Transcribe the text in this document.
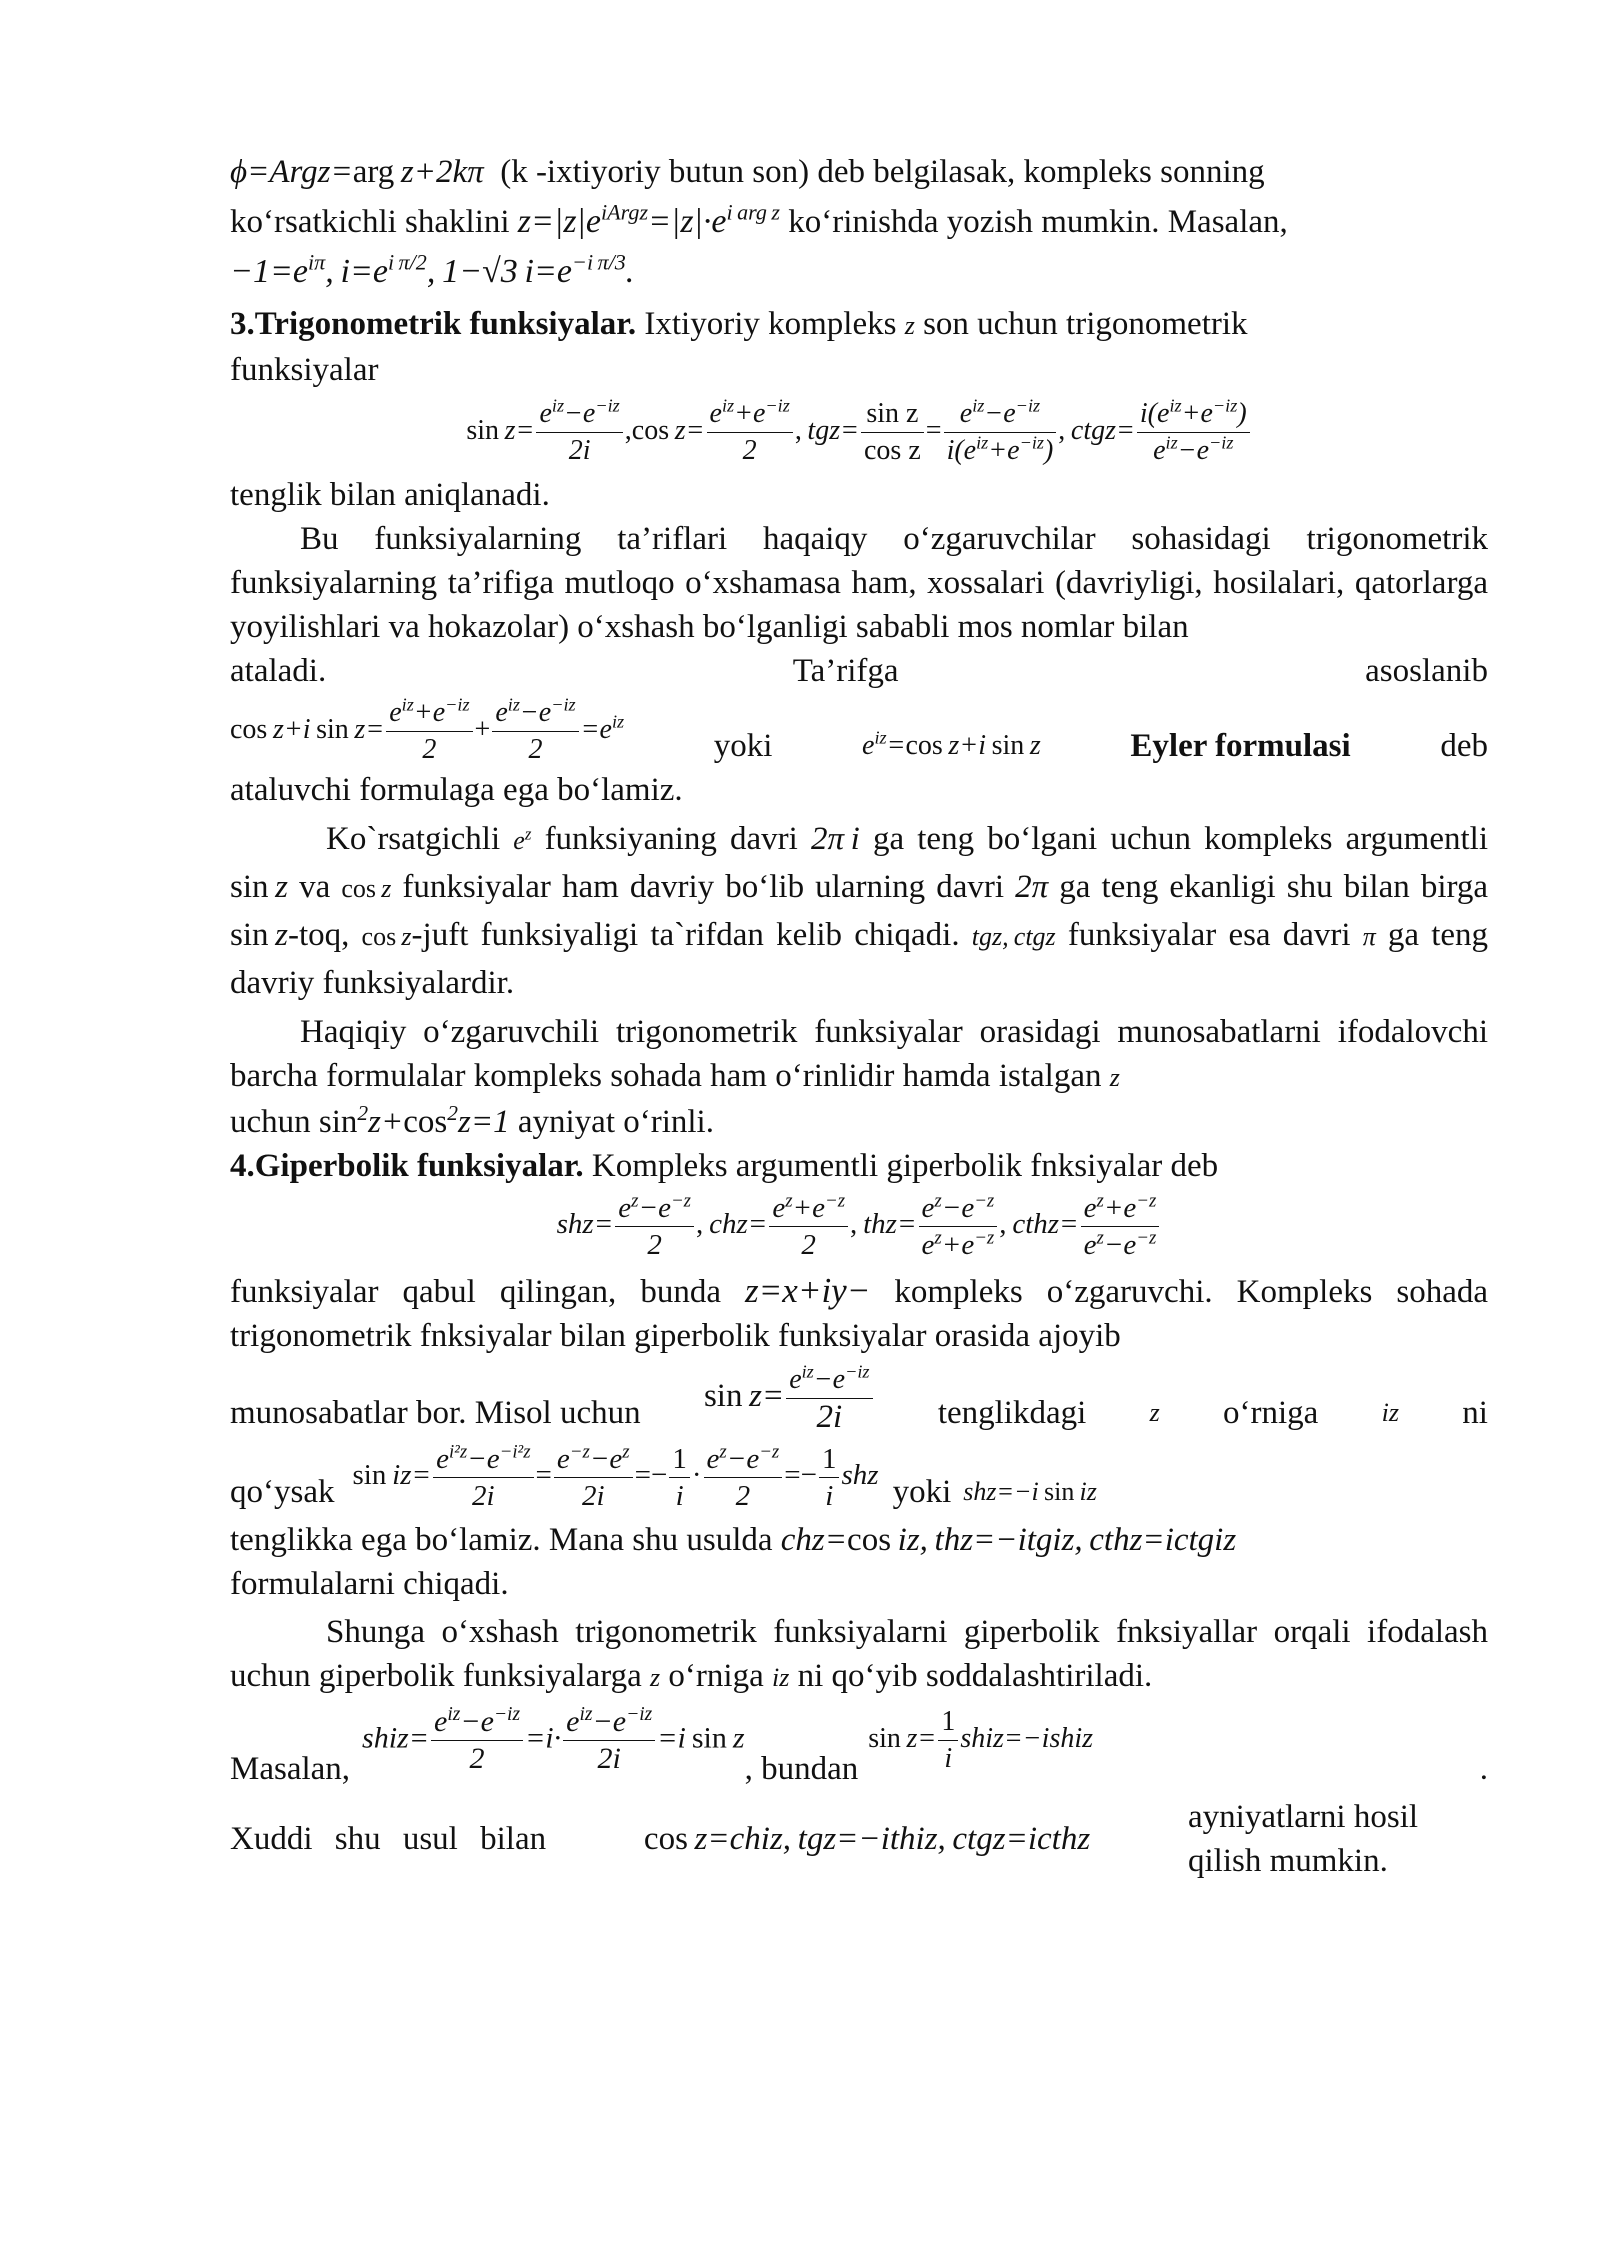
ϕ=Argz=arg z+2kπ (k -ixtiyoriy butun son) deb belgilasak, kompleks sonning

ko‘rsatkichli shaklini $z=|z|e^{iArgz}=|z|\cdot e^{i arg z}$ ko‘rinishda yozish mumkin. Masalan,

$-1=e^{i\pi}$, $i=e^{i \pi/2}$, 1−√3 $i=e^{-i \pi/3}$.

3.Trigonometrik funksiyalar. Ixtiyoriy kompleks z son uchun trigonometrik
funksiyalar

$\sin z= \frac{e^{iz}-e^{-iz}}{2i} ,\cos$  $z= \frac{e^{iz}+e^{-iz}}{2}$ , $tgz= \frac{\text{sin z}}{\text{cos z}} = \frac{e^{iz}-e^{-iz}}{i(e^{iz}+e^{-iz})}$ , ctgz= $\frac{i(e^{iz}+e^{-iz})}{e^{iz}-e^{-iz}}$

tenglik bilan aniqlanadi.

Bu funksiyalarning ta’riflari haqaiqy o‘zgaruvchilar sohasidagi trigonometrik funksiyalarning ta’rifiga mutloqo o‘xshamasa ham, xossalari (davriyligi, hosilalari, qatorlarga yoyilishlari va hokazolar) o‘xshash bo‘lganligi sababli mos nomlar bilan

ataladi.	Ta’rifga	asoslanib
cos  z+i  $\sin z= \frac{e^{iz}+e^{-iz}}{2} + \frac{e^{iz}-e^{-iz}}{2} =e^{iz}$
yoki	$e^{iz}=\cos$ z+i sin z	Eyler formulasi	deb

ataluvchi formulaga ega bo‘lamiz.

Ko`rsatgichli $e^z$ funksiyaning davri 2π i ga teng bo‘lgani uchun kompleks argumentli sin z va cos z funksiyalar ham davriy bo‘lib ularning davri 2π ga teng ekanligi shu bilan birga sin z-toq, cos z-juft funksiyaligi ta`rifdan kelib chiqadi. tgz, ctgz funksiyalar esa davri π ga teng davriy funksiyalardir.

Haqiqiy o‘zgaruvchili trigonometrik funksiyalar orasidagi munosabatlarni ifodalovchi barcha formulalar kompleks sohada ham o‘rinlidir hamda istalgan z
uchun $\sin^2z+\cos^2z=1$ ayniyat o‘rinli.

4.Giperbolik funksiyalar. Kompleks argumentli giperbolik fnksiyalar deb

$shz= \frac{e^z-e^{-z}}{2}$ , $chz= \frac{e^z+e^{-z}}{2}$ , $thz= \frac{e^z-e^{-z}}{e^z+e^{-z}}$ , cthz= $\frac{e^z+e^{-z}}{e^z-e^{-z}}$

funksiyalar qabul qilingan, bunda z=x+iy− kompleks o‘zgaruvchi. Kompleks sohada trigonometrik fnksiyalar bilan giperbolik funksiyalar orasida ajoyib

munosabatlar bor. Misol uchun $\sin z= \frac{e^{iz}-e^{-iz}}{2i}$ tenglikdagi z o‘rniga iz ni
qo‘ysak $\sin iz= \frac{e^{i^2z}-e^{-i^2z}}{2i} = \frac{e^{-z}-e^z}{2i} =- \frac{1}{i} \cdot \frac{e^z-e^{-z}}{2} =- \frac{1}{i}$ shz yoki shz=−i sin iz

tenglikka ega bo‘lamiz. Mana shu usulda chz=cos iz, thz=−itgiz, cthz=ictgiz
formulalarni chiqadi.

Shunga o‘xshash trigonometrik funksiyalarni giperbolik fnksiyallar orqali ifodalash uchun giperbolik funksiyalarga z o‘rniga iz ni qo‘yib soddalashtiriladi.

Masalan,
shiz= $\frac{e^{iz}-e^{-iz}}{2} =i\cdot \frac{e^{iz}-e^{-iz}}{2i} =i$  sin  z
, bundan
$\sin z= \frac{1}{i}$ shiz=−ishiz
.
Xuddi shu usul bilan	cos z=chiz, tgz=−ithiz, ctgz=icthz
ayniyatlarni hosil qilish mumkin.
